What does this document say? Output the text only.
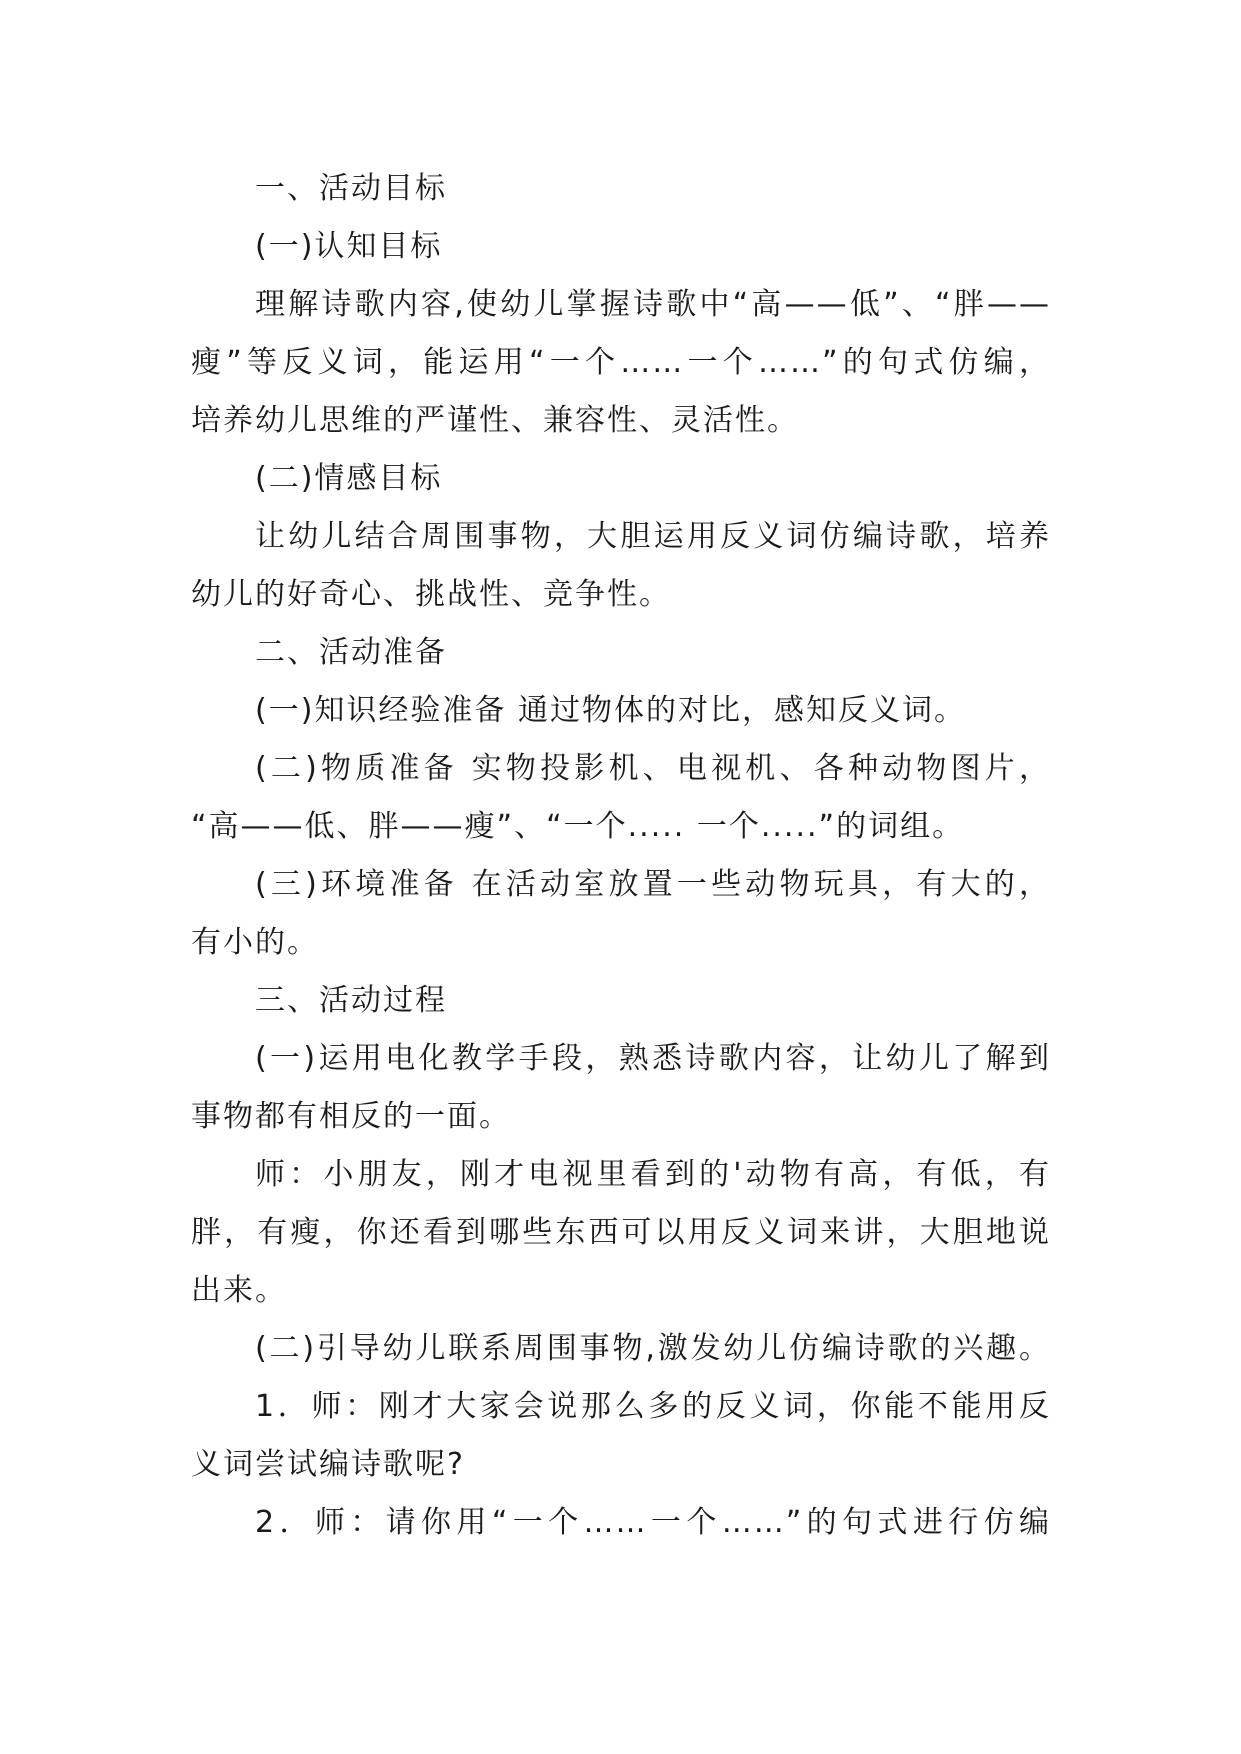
一、活动目标
(一)认知目标
理解诗歌内容,使幼儿掌握诗歌中“高——低”、“胖——
瘦”等反义词，能运用“一个……一个……”的句式仿编，
培养幼儿思维的严谨性、兼容性、灵活性。
(二)情感目标
让幼儿结合周围事物，大胆运用反义词仿编诗歌，培养
幼儿的好奇心、挑战性、竞争性。
二、活动准备
(一)知识经验准备 通过物体的对比，感知反义词。
(二)物质准备 实物投影机、电视机、各种动物图片，
“高——低、胖——瘦”、“一个..... 一个.....”的词组。
(三)环境准备 在活动室放置一些动物玩具，有大的，
有小的。
三、活动过程
(一)运用电化教学手段，熟悉诗歌内容，让幼儿了解到
事物都有相反的一面。
师：小朋友，刚才电视里看到的'动物有高，有低，有
胖，有瘦，你还看到哪些东西可以用反义词来讲，大胆地说
出来。
(二)引导幼儿联系周围事物,激发幼儿仿编诗歌的兴趣。
1．师：刚才大家会说那么多的反义词，你能不能用反
义词尝试编诗歌呢?
2．师：请你用“一个……一个……”的句式进行仿编
